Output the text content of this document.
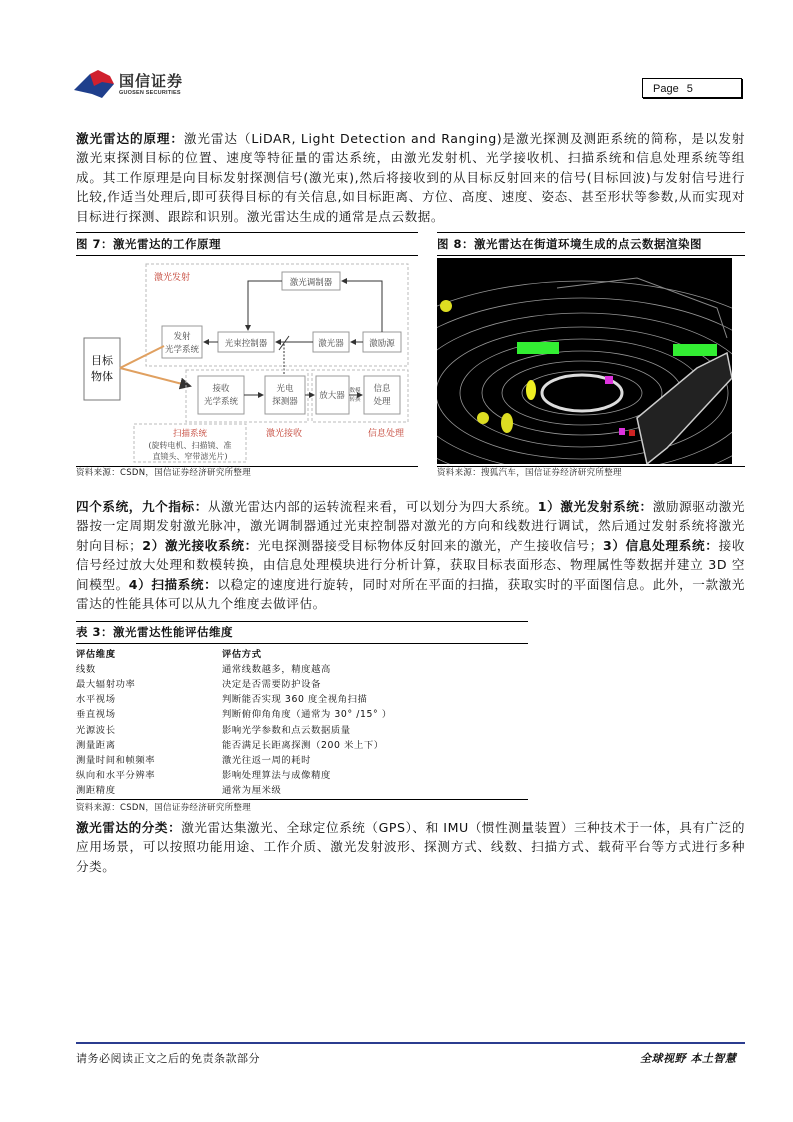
国信证券
GUOSEN SECURITIES	Page 5
激光雷达的原理：激光雷达（LiDAR, Light Detection and Ranging)是激光探测及测距系统的简称，是以发射激光束探测目标的位置、速度等特征量的雷达系统，由激光发射机、光学接收机、扫描系统和信息处理系统等组成。其工作原理是向目标发射探测信号(激光束),然后将接收到的从目标反射回来的信号(目标回波)与发射信号进行比较,作适当处理后,即可获得目标的有关信息,如目标距离、方位、高度、速度、姿态、甚至形状等参数,从而实现对目标进行探测、跟踪和识别。激光雷达生成的通常是点云数据。
图 7：激光雷达的工作原理
激光发射	激光调制器
发射
光学系统
光束控制器	激光器	激励源
目标
物体
接收
光学系统
光电
探测器
放大器 数模
转换
信息
处理
激光接收	信息处理
扫描系统
(旋转电机、扫描镜、准
直镜头、窄带滤光片)
资料来源：CSDN，国信证券经济研究所整理
图 8：激光雷达在街道环境生成的点云数据渲染图
资料来源：搜狐汽车，国信证券经济研究所整理
四个系统，九个指标：从激光雷达内部的运转流程来看，可以划分为四大系统。1）激光发射系统：激励源驱动激光器按一定周期发射激光脉冲，激光调制器通过光束控制器对激光的方向和线数进行调试，然后通过发射系统将激光射向目标；2）激光接收系统：光电探测器接受目标物体反射回来的激光，产生接收信号；3）信息处理系统：接收信号经过放大处理和数模转换，由信息处理模块进行分析计算，获取目标表面形态、物理属性等数据并建立 3D 空间模型。4）扫描系统：以稳定的速度进行旋转，同时对所在平面的扫描，获取实时的平面图信息。此外，一款激光雷达的性能具体可以从九个维度去做评估。
表 3：激光雷达性能评估维度
评估维度	评估方式
线数	通常线数越多，精度越高
最大辐射功率	决定是否需要防护设备
水平视场	判断能否实现 360 度全视角扫描
垂直视场	判断俯仰角角度（通常为 30° /15° ）
光源波长	影响光学参数和点云数据质量
测量距离	能否满足长距离探测（200 米上下）
测量时间和帧频率	激光往返一周的耗时
纵向和水平分辨率	影响处理算法与成像精度
测距精度	通常为厘米级
资料来源：CSDN，国信证券经济研究所整理
激光雷达的分类：激光雷达集激光、全球定位系统（GPS）、和 IMU（惯性测量装置）三种技术于一体，具有广泛的应用场景，可以按照功能用途、工作介质、激光发射波形、探测方式、线数、扫描方式、载荷平台等方式进行多种分类。
请务必阅读正文之后的免责条款部分	全球视野 本土智慧
